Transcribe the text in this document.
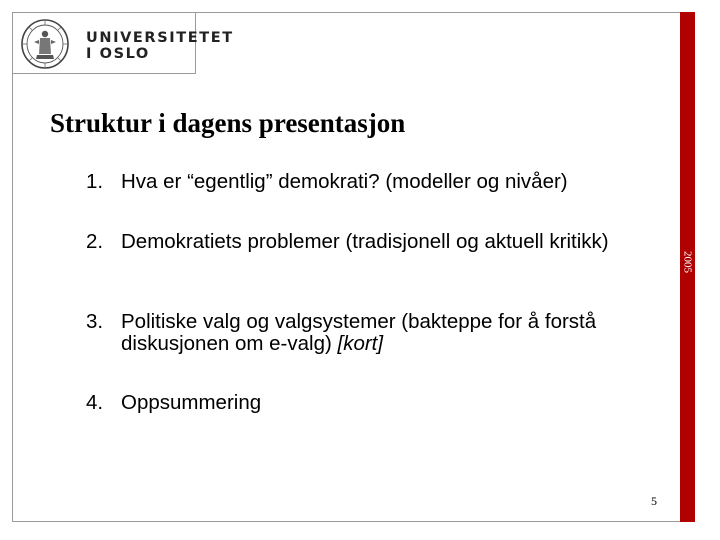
UNIVERSITETET
I OSLO
2005
Struktur i dagens presentasjon
1. Hva er “egentlig” demokrati? (modeller og nivåer)
2. Demokratiets problemer (tradisjonell og aktuell kritikk)
3. Politiske valg og valgsystemer (bakteppe for å forstå diskusjonen om e-valg) [kort]
4. Oppsummering
5
